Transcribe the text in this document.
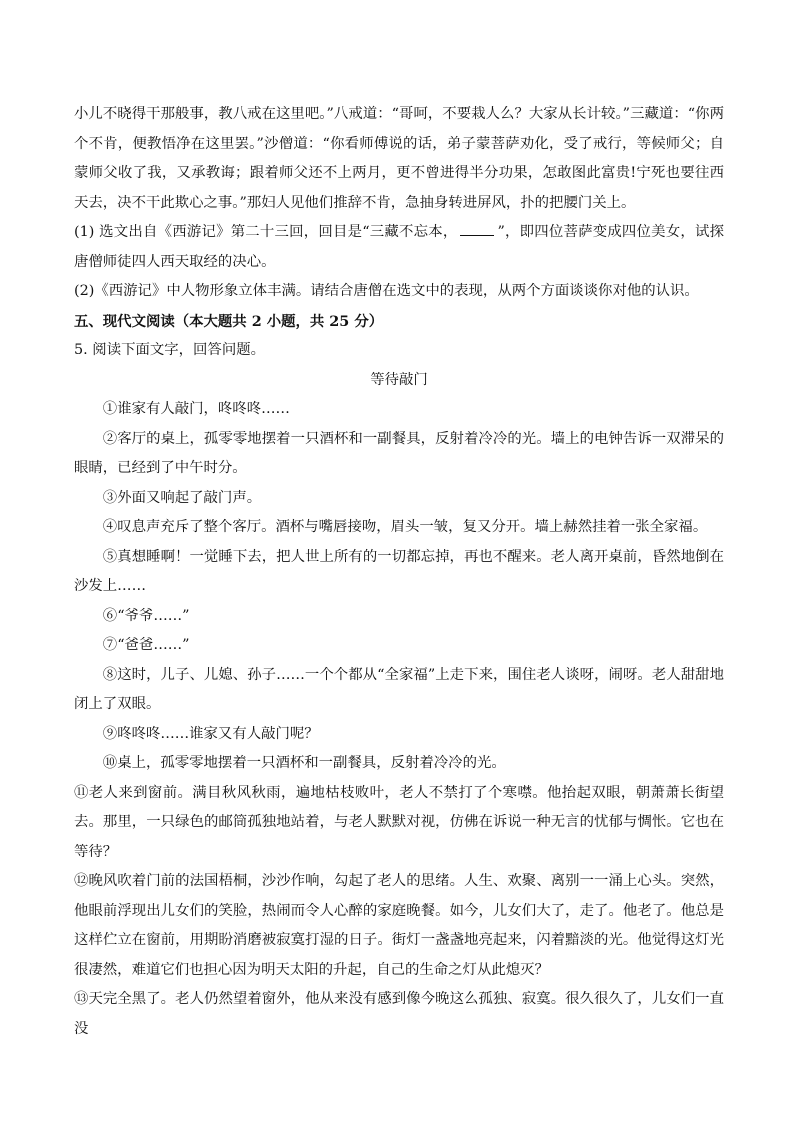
小儿不晓得干那般事，教八戒在这里吧。”八戒道：“哥呵，不要栽人么？大家从长计较。”三藏道：“你两个不肯，便教悟净在这里罢。”沙僧道：“你看师傅说的话，弟子蒙菩萨劝化，受了戒行，等候师父；自蒙师父收了我，又承教诲；跟着师父还不上两月，更不曾进得半分功果，怎敢图此富贵!宁死也要往西天去，决不干此欺心之事。”那妇人见他们推辞不肯，急抽身转进屏风，扑的把腰门关上。

(1) 选文出自《西游记》第二十三回，回目是“三藏不忘本，	”，即四位菩萨变成四位美女，试探唐僧师徒四人西天取经的决心。

(2)《西游记》中人物形象立体丰满。请结合唐僧在选文中的表现，从两个方面谈谈你对他的认识。

五、现代文阅读（本大题共 2 小题，共 25 分）

5. 阅读下面文字，回答问题。

等待敲门

①谁家有人敲门，咚咚咚……

②客厅的桌上，孤零零地摆着一只酒杯和一副餐具，反射着冷冷的光。墙上的电钟告诉一双滞呆的眼睛，已经到了中午时分。

③外面又响起了敲门声。

④叹息声充斥了整个客厅。酒杯与嘴唇接吻，眉头一皱，复又分开。墙上赫然挂着一张全家福。

⑤真想睡啊！一觉睡下去，把人世上所有的一切都忘掉，再也不醒来。老人离开桌前，昏然地倒在沙发上……

⑥“爷爷……”

⑦“爸爸……”

⑧这时，儿子、儿媳、孙子……一个个都从“全家福”上走下来，围住老人谈呀，闹呀。老人甜甜地闭上了双眼。

⑨咚咚咚……谁家又有人敲门呢？

⑩桌上，孤零零地摆着一只酒杯和一副餐具，反射着冷冷的光。

⑪老人来到窗前。满目秋风秋雨，遍地枯枝败叶，老人不禁打了个寒噤。他抬起双眼，朝萧萧长街望去。那里，一只绿色的邮筒孤独地站着，与老人默默对视，仿佛在诉说一种无言的忧郁与惆怅。它也在等待？

⑫晚风吹着门前的法国梧桐，沙沙作响，勾起了老人的思绪。人生、欢聚、离别一一涌上心头。突然，他眼前浮现出儿女们的笑脸，热闹而令人心醉的家庭晚餐。如今，儿女们大了，走了。他老了。他总是这样伫立在窗前，用期盼消磨被寂寞打湿的日子。街灯一盏盏地亮起来，闪着黯淡的光。他觉得这灯光很凄然，难道它们也担心因为明天太阳的升起，自己的生命之灯从此熄灭？

⑬天完全黑了。老人仍然望着窗外，他从来没有感到像今晚这么孤独、寂寞。很久很久了，儿女们一直没
